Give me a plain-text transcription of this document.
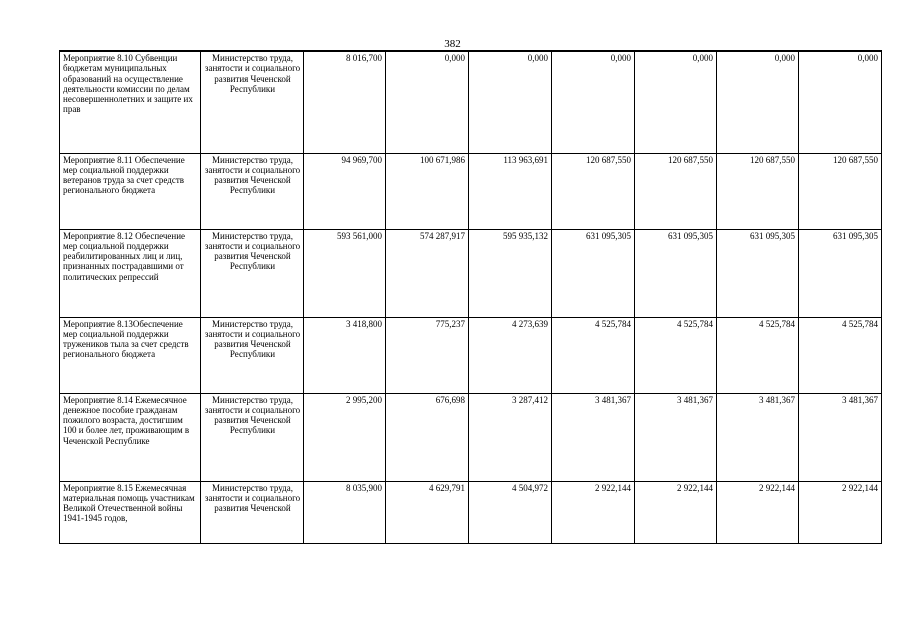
382
Мероприятие 8.10 Субвенции бюджетам муниципальных образований на осуществление деятельности комиссии по делам несовершеннолетних и защите их прав	Министерство труда, занятости и социального развития Чеченской Республики	8 016,700	0,000	0,000	0,000	0,000	0,000	0,000
Мероприятие 8.11 Обеспечение мер социальной поддержки ветеранов труда за счет средств регионального бюджета	Министерство труда, занятости и социального развития Чеченской Республики	94 969,700	100 671,986	113 963,691	120 687,550	120 687,550	120 687,550	120 687,550
Мероприятие 8.12 Обеспечение мер социальной поддержки реабилитированных лиц и лиц, признанных пострадавшими от политических репрессий	Министерство труда, занятости и социального развития Чеченской Республики	593 561,000	574 287,917	595 935,132	631 095,305	631 095,305	631 095,305	631 095,305
Мероприятие 8.13Обеспечение мер социальной поддержки тружеников тыла за счет средств регионального бюджета	Министерство труда, занятости и социального развития Чеченской Республики	3 418,800	775,237	4 273,639	4 525,784	4 525,784	4 525,784	4 525,784
Мероприятие 8.14 Ежемесячное денежное пособие гражданам пожилого возраста, достигшим 100 и более лет, проживающим в Чеченской Республике	Министерство труда, занятости и социального развития Чеченской Республики	2 995,200	676,698	3 287,412	3 481,367	3 481,367	3 481,367	3 481,367
Мероприятие 8.15 Ежемесячная материальная помощь участникам Великой Отечественной войны 1941-1945 годов,	Министерство труда, занятости и социального развития Чеченской	8 035,900	4 629,791	4 504,972	2 922,144	2 922,144	2 922,144	2 922,144
